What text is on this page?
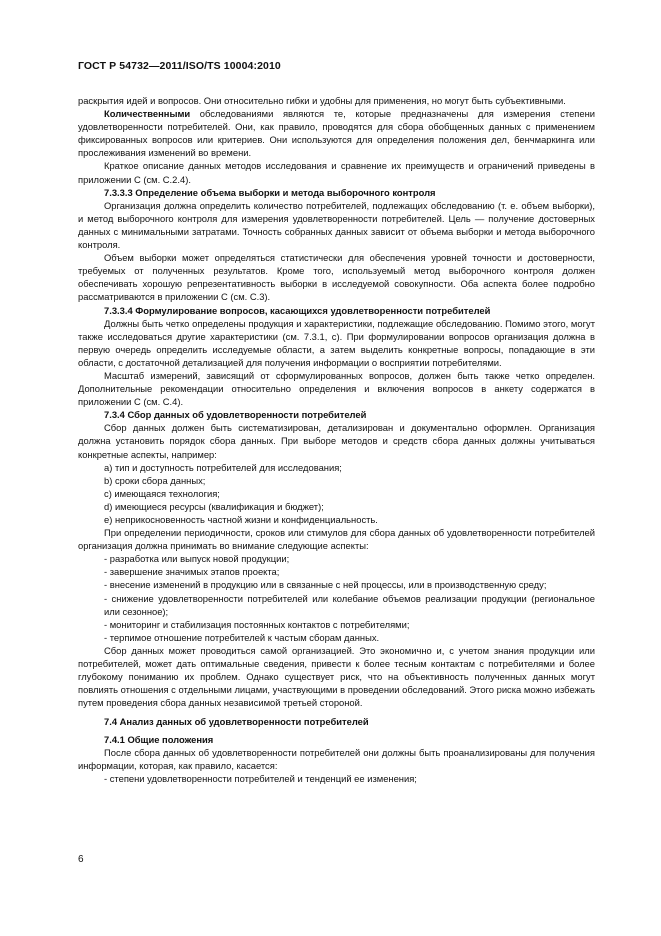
ГОСТ Р 54732—2011/ISO/TS 10004:2010

раскрытия идей и вопросов. Они относительно гибки и удобны для применения, но могут быть субъективными.

Количественными обследованиями являются те, которые предназначены для измерения степени удовлетворенности потребителей. Они, как правило, проводятся для сбора обобщенных данных с применением фиксированных вопросов или критериев. Они используются для определения положения дел, бенчмаркинга или прослеживания изменений во времени.

Краткое описание данных методов исследования и сравнение их преимуществ и ограничений приведены в приложении С (см. С.2.4).

7.3.3.3 Определение объема выборки и метода выборочного контроля

Организация должна определить количество потребителей, подлежащих обследованию (т. е. объем выборки), и метод выборочного контроля для измерения удовлетворенности потребителей. Цель — получение достоверных данных с минимальными затратами. Точность собранных данных зависит от объема выборки и метода выборочного контроля.

Объем выборки может определяться статистически для обеспечения уровней точности и достоверности, требуемых от полученных результатов. Кроме того, используемый метод выборочного контроля должен обеспечивать хорошую репрезентативность выборки в исследуемой совокупности. Оба аспекта более подробно рассматриваются в приложении С (см. С.3).

7.3.3.4 Формулирование вопросов, касающихся удовлетворенности потребителей

Должны быть четко определены продукция и характеристики, подлежащие обследованию. Помимо этого, могут также исследоваться другие характеристики (см. 7.3.1, с). При формулировании вопросов организация должна в первую очередь определить исследуемые области, а затем выделить конкретные вопросы, попадающие в эти области, с достаточной детализацией для получения информации о восприятии потребителями.

Масштаб измерений, зависящий от сформулированных вопросов, должен быть также четко определен. Дополнительные рекомендации относительно определения и включения вопросов в анкету содержатся в приложении С (см. С.4).

7.3.4 Сбор данных об удовлетворенности потребителей

Сбор данных должен быть систематизирован, детализирован и документально оформлен. Организация должна установить порядок сбора данных. При выборе методов и средств сбора данных должны учитываться конкретные аспекты, например:

a) тип и доступность потребителей для исследования;

b) сроки сбора данных;

c) имеющаяся технология;

d) имеющиеся ресурсы (квалификация и бюджет);

e) неприкосновенность частной жизни и конфиденциальность.

При определении периодичности, сроков или стимулов для сбора данных об удовлетворенности потребителей организация должна принимать во внимание следующие аспекты:

- разработка или выпуск новой продукции;

- завершение значимых этапов проекта;

- внесение изменений в продукцию или в связанные с ней процессы, или в производственную среду;

- снижение удовлетворенности потребителей или колебание объемов реализации продукции (региональное или сезонное);

- мониторинг и стабилизация постоянных контактов с потребителями;

- терпимое отношение потребителей к частым сборам данных.

Сбор данных может проводиться самой организацией. Это экономично и, с учетом знания продукции или потребителей, может дать оптимальные сведения, привести к более тесным контактам с потребителями и более глубокому пониманию их проблем. Однако существует риск, что на объективность полученных данных могут повлиять отношения с отдельными лицами, участвующими в проведении обследований. Этого риска можно избежать путем проведения сбора данных независимой третьей стороной.

7.4 Анализ данных об удовлетворенности потребителей

7.4.1 Общие положения

После сбора данных об удовлетворенности потребителей они должны быть проанализированы для получения информации, которая, как правило, касается:

- степени удовлетворенности потребителей и тенденций ее изменения;

6
